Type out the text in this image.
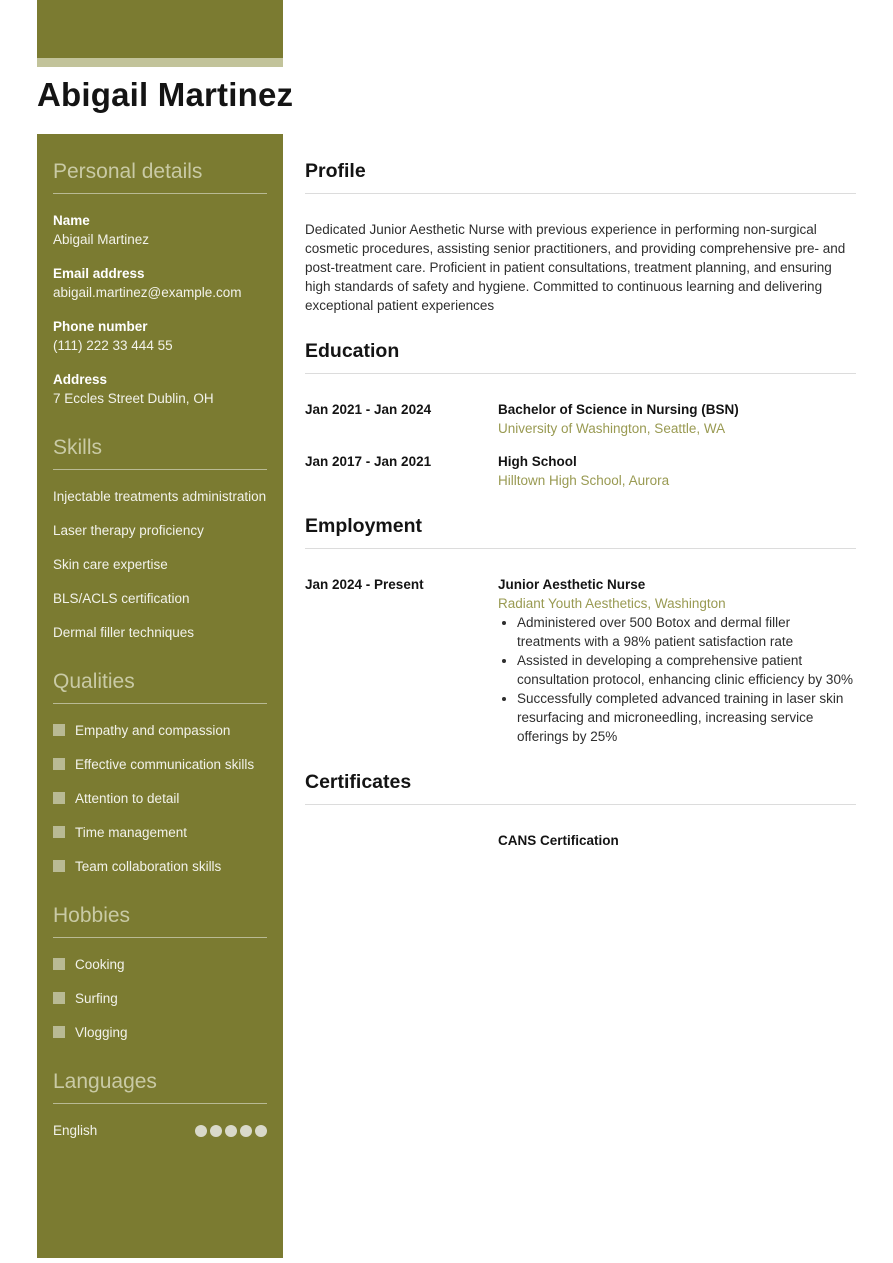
Abigail Martinez
Personal details
Name
Abigail Martinez
Email address
abigail.martinez@example.com
Phone number
(111) 222 33 444 55
Address
7 Eccles Street Dublin, OH
Skills
Injectable treatments administration
Laser therapy proficiency
Skin care expertise
BLS/ACLS certification
Dermal filler techniques
Qualities
Empathy and compassion
Effective communication skills
Attention to detail
Time management
Team collaboration skills
Hobbies
Cooking
Surfing
Vlogging
Languages
English
Profile

Dedicated Junior Aesthetic Nurse with previous experience in performing non-surgical cosmetic procedures, assisting senior practitioners, and providing comprehensive pre- and post-treatment care. Proficient in patient consultations, treatment planning, and ensuring high standards of safety and hygiene. Committed to continuous learning and delivering exceptional patient experiences

Education
Jan 2021 - Jan 2024	Bachelor of Science in Nursing (BSN)
University of Washington, Seattle, WA
Jan 2017 - Jan 2021	High School
Hilltown High School, Aurora
Employment
Jan 2024 - Present	Junior Aesthetic Nurse
Radiant Youth Aesthetics, Washington
• Administered over 500 Botox and dermal filler treatments with a 98% patient satisfaction rate
• Assisted in developing a comprehensive patient consultation protocol, enhancing clinic efficiency by 30%
• Successfully completed advanced training in laser skin resurfacing and microneedling, increasing service offerings by 25%
Certificates
CANS Certification
